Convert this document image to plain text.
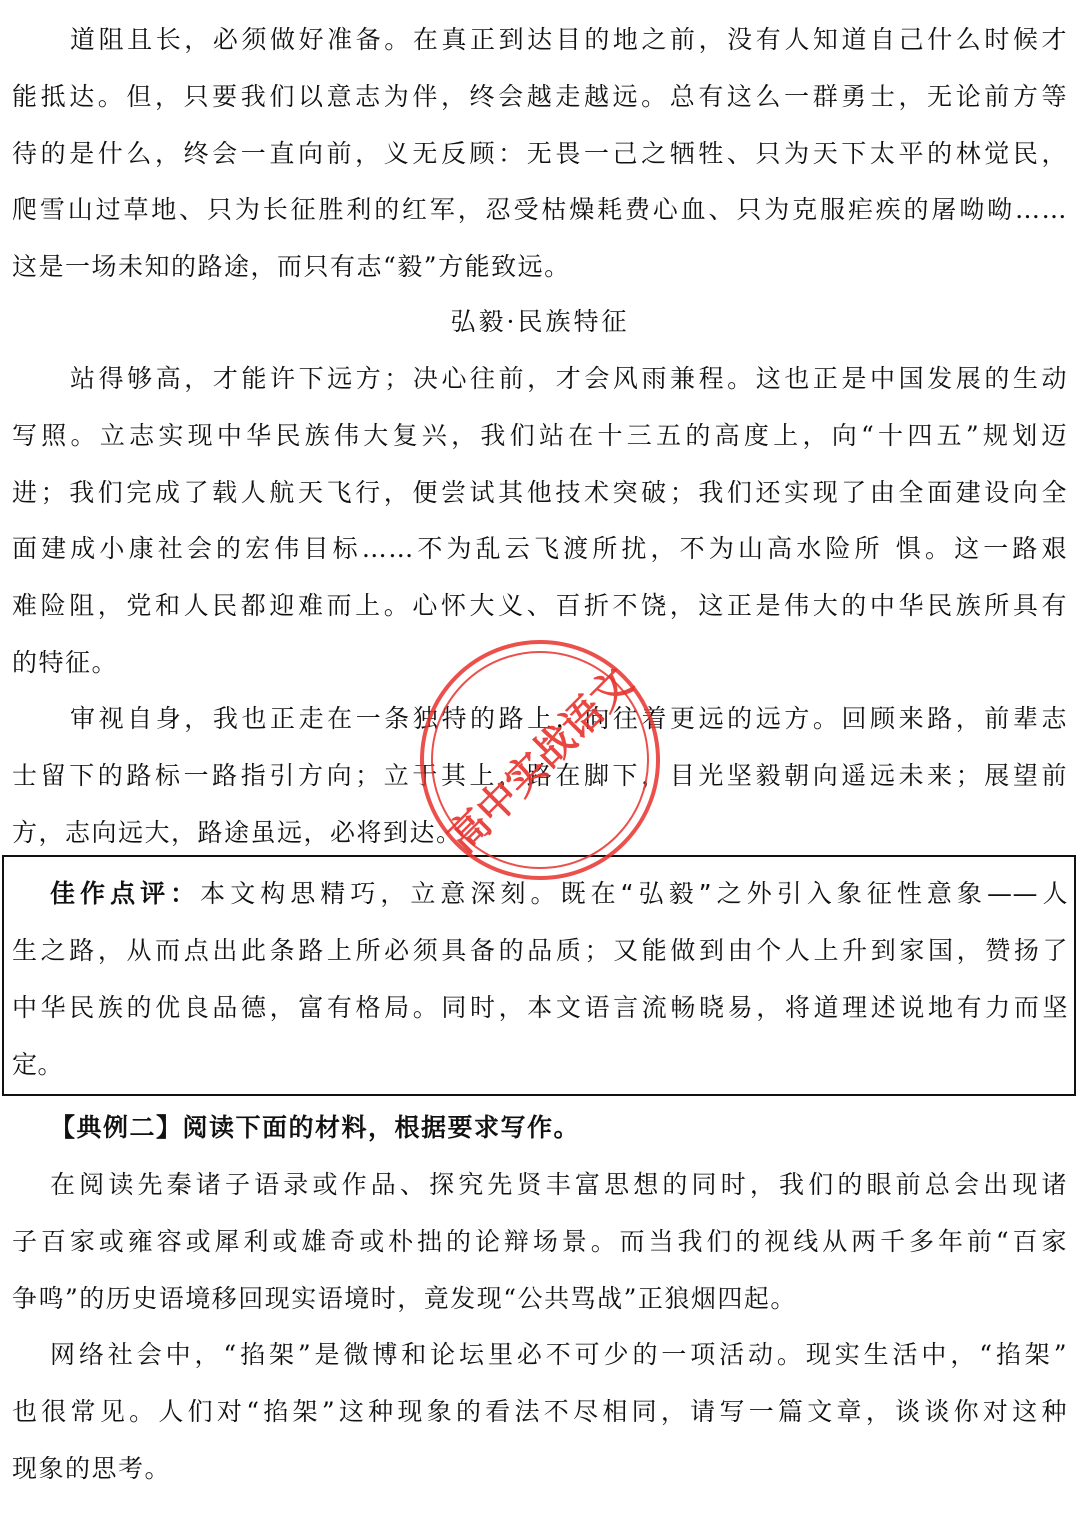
道阻且长，必须做好准备。在真正到达目的地之前，没有人知道自己什么时候才
能抵达。但，只要我们以意志为伴，终会越走越远。总有这么一群勇士，无论前方等
待的是什么，终会一直向前，义无反顾：无畏一己之牺牲、只为天下太平的林觉民，
爬雪山过草地、只为长征胜利的红军，忍受枯燥耗费心血、只为克服疟疾的屠呦呦……
这是一场未知的路途，而只有志“毅”方能致远。
弘毅·民族特征
站得够高，才能许下远方；决心往前，才会风雨兼程。这也正是中国发展的生动
写照。立志实现中华民族伟大复兴，我们站在十三五的高度上，向“十四五”规划迈
进；我们完成了载人航天飞行，便尝试其他技术突破；我们还实现了由全面建设向全
面建成小康社会的宏伟目标……不为乱云飞渡所扰，不为山高水险所 惧。这一路艰
难险阻，党和人民都迎难而上。心怀大义、百折不饶，这正是伟大的中华民族所具有
的特征。
审视自身，我也正走在一条独特的路上，向往着更远的远方。回顾来路，前辈志
士留下的路标一路指引方向；立于其上，路在脚下，目光坚毅朝向遥远未来；展望前
方，志向远大，路途虽远，必将到达。
佳作点评：本文构思精巧，立意深刻。既在“弘毅”之外引入象征性意象——人
生之路，从而点出此条路上所必须具备的品质；又能做到由个人上升到家国，赞扬了
中华民族的优良品德，富有格局。同时，本文语言流畅晓易，将道理述说地有力而坚
定。
【典例二】阅读下面的材料，根据要求写作。
在阅读先秦诸子语录或作品、探究先贤丰富思想的同时，我们的眼前总会出现诸
子百家或雍容或犀利或雄奇或朴拙的论辩场景。而当我们的视线从两千多年前“百家
争鸣”的历史语境移回现实语境时，竟发现“公共骂战”正狼烟四起。
网络社会中，“掐架”是微博和论坛里必不可少的一项活动。现实生活中，“掐架”
也很常见。人们对“掐架”这种现象的看法不尽相同，请写一篇文章，谈谈你对这种
现象的思考。
高中实战语文
